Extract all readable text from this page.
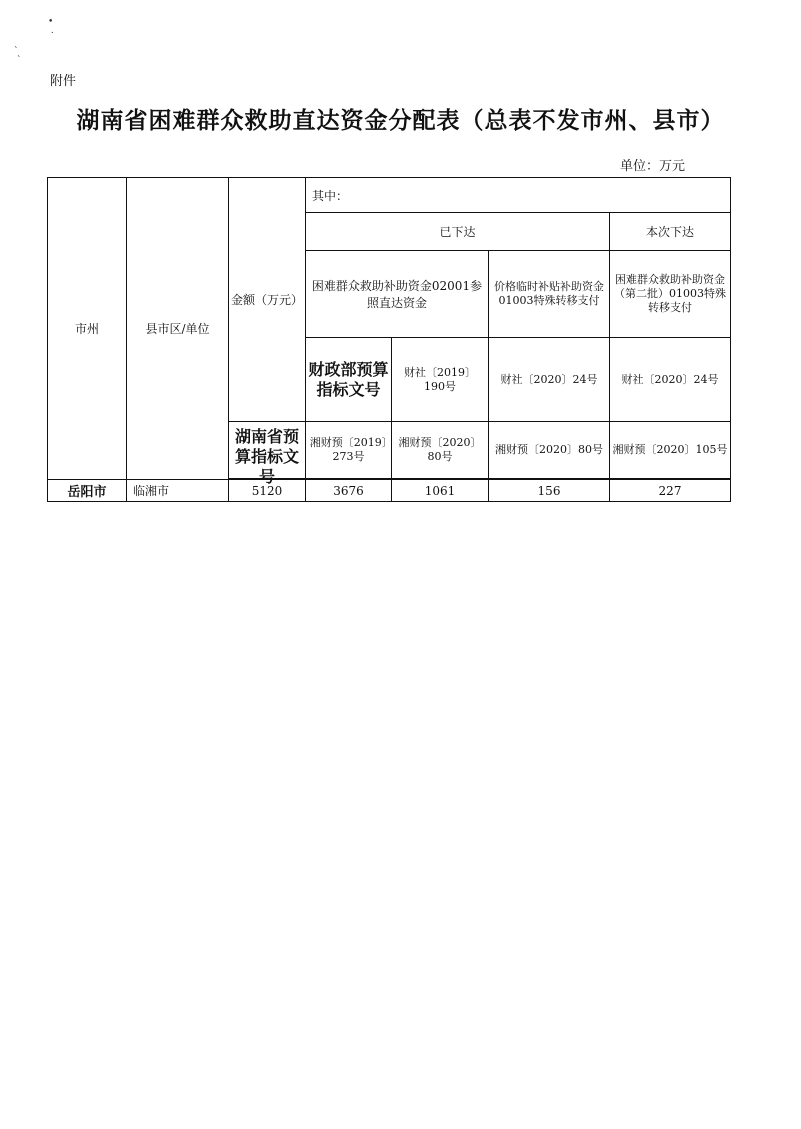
•
.
`
`
附件
湖南省困难群众救助直达资金分配表（总表不发市州、县市）
单位：万元
市州	县市区/单位	金额（万元）	其中：				
			已下达			本次下达	
			困难群众救助补助资金02001参照直达资金		价格临时补贴补助资金01003特殊转移支付	困难群众救助补助资金（第二批）01003特殊转移支付	
			财政部预算指标文号	财社〔2019〕190号	财社〔2020〕24号	财社〔2020〕24号	

		湖南省预算指标文号	湘财预〔2019〕273号	湘财预〔2020〕80号	湘财预〔2020〕80号	湘财预〔2020〕105号	

岳阳市	临湘市	5120	3676	1061	156	227	
